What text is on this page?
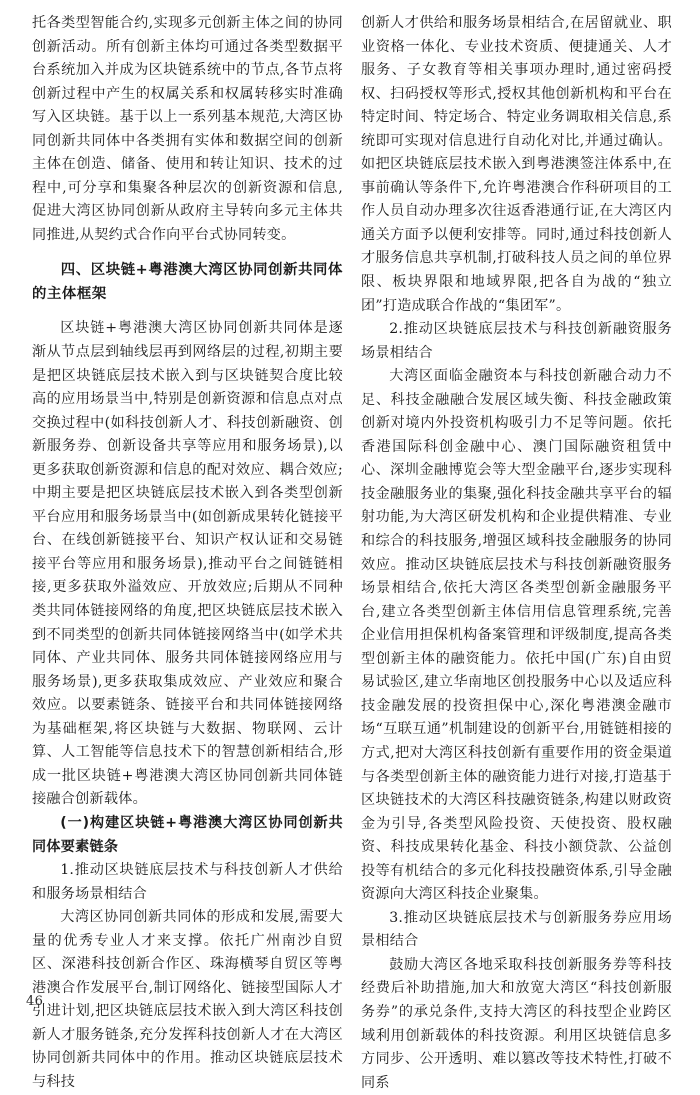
托各类型智能合约,实现多元创新主体之间的协同创新活动。所有创新主体均可通过各类型数据平台系统加入并成为区块链系统中的节点,各节点将创新过程中产生的权属关系和权属转移实时准确写入区块链。基于以上一系列基本规范,大湾区协同创新共同体中各类拥有实体和数据空间的创新主体在创造、储备、使用和转让知识、技术的过程中,可分享和集聚各种层次的创新资源和信息,促进大湾区协同创新从政府主导转向多元主体共同推进,从契约式合作向平台式协同转变。

四、区块链+粤港澳大湾区协同创新共同体的主体框架

区块链+粤港澳大湾区协同创新共同体是逐渐从节点层到轴线层再到网络层的过程,初期主要是把区块链底层技术嵌入到与区块链契合度比较高的应用场景当中,特别是创新资源和信息点对点交换过程中(如科技创新人才、科技创新融资、创新服务券、创新设备共享等应用和服务场景),以更多获取创新资源和信息的配对效应、耦合效应;中期主要是把区块链底层技术嵌入到各类型创新平台应用和服务场景当中(如创新成果转化链接平台、在线创新链接平台、知识产权认证和交易链接平台等应用和服务场景),推动平台之间链链相接,更多获取外溢效应、开放效应;后期从不同种类共同体链接网络的角度,把区块链底层技术嵌入到不同类型的创新共同体链接网络当中(如学术共同体、产业共同体、服务共同体链接网络应用与服务场景),更多获取集成效应、产业效应和聚合效应。以要素链条、链接平台和共同体链接网络为基础框架,将区块链与大数据、物联网、云计算、人工智能等信息技术下的智慧创新相结合,形成一批区块链+粤港澳大湾区协同创新共同体链接融合创新载体。

(一)构建区块链+粤港澳大湾区协同创新共同体要素链条

1.推动区块链底层技术与科技创新人才供给和服务场景相结合

大湾区协同创新共同体的形成和发展,需要大量的优秀专业人才来支撑。依托广州南沙自贸区、深港科技创新合作区、珠海横琴自贸区等粤港澳合作发展平台,制订网络化、链接型国际人才引进计划,把区块链底层技术嵌入到大湾区科技创新人才服务链条,充分发挥科技创新人才在大湾区协同创新共同体中的作用。推动区块链底层技术与科技

创新人才供给和服务场景相结合,在居留就业、职业资格一体化、专业技术资质、便捷通关、人才服务、子女教育等相关事项办理时,通过密码授权、扫码授权等形式,授权其他创新机构和平台在特定时间、特定场合、特定业务调取相关信息,系统即可实现对信息进行自动化对比,并通过确认。如把区块链底层技术嵌入到粤港澳签注体系中,在事前确认等条件下,允许粤港澳合作科研项目的工作人员自动办理多次往返香港通行证,在大湾区内通关方面予以便利安排等。同时,通过科技创新人才服务信息共享机制,打破科技人员之间的单位界限、板块界限和地域界限,把各自为战的“独立团”打造成联合作战的“集团军”。

2.推动区块链底层技术与科技创新融资服务场景相结合

大湾区面临金融资本与科技创新融合动力不足、科技金融融合发展区域失衡、科技金融政策创新对境内外投资机构吸引力不足等问题。依托香港国际科创金融中心、澳门国际融资租赁中心、深圳金融博览会等大型金融平台,逐步实现科技金融服务业的集聚,强化科技金融共享平台的辐射功能,为大湾区研发机构和企业提供精准、专业和综合的科技服务,增强区域科技金融服务的协同效应。推动区块链底层技术与科技创新融资服务场景相结合,依托大湾区各类型创新金融服务平台,建立各类型创新主体信用信息管理系统,完善企业信用担保机构备案管理和评级制度,提高各类型创新主体的融资能力。依托中国(广东)自由贸易试验区,建立华南地区创投服务中心以及适应科技金融发展的投资担保中心,深化粤港澳金融市场“互联互通”机制建设的创新平台,用链链相接的方式,把对大湾区科技创新有重要作用的资金渠道与各类型创新主体的融资能力进行对接,打造基于区块链技术的大湾区科技融资链条,构建以财政资金为引导,各类型风险投资、天使投资、股权融资、科技成果转化基金、科技小额贷款、公益创投等有机结合的多元化科技投融资体系,引导金融资源向大湾区科技企业聚集。

3.推动区块链底层技术与创新服务券应用场景相结合

鼓励大湾区各地采取科技创新服务券等科技经费后补助措施,加大和放宽大湾区“科技创新服务券”的承兑条件,支持大湾区的科技型企业跨区域利用创新载体的科技资源。利用区块链信息多方同步、公开透明、难以篡改等技术特性,打破不同系

46
